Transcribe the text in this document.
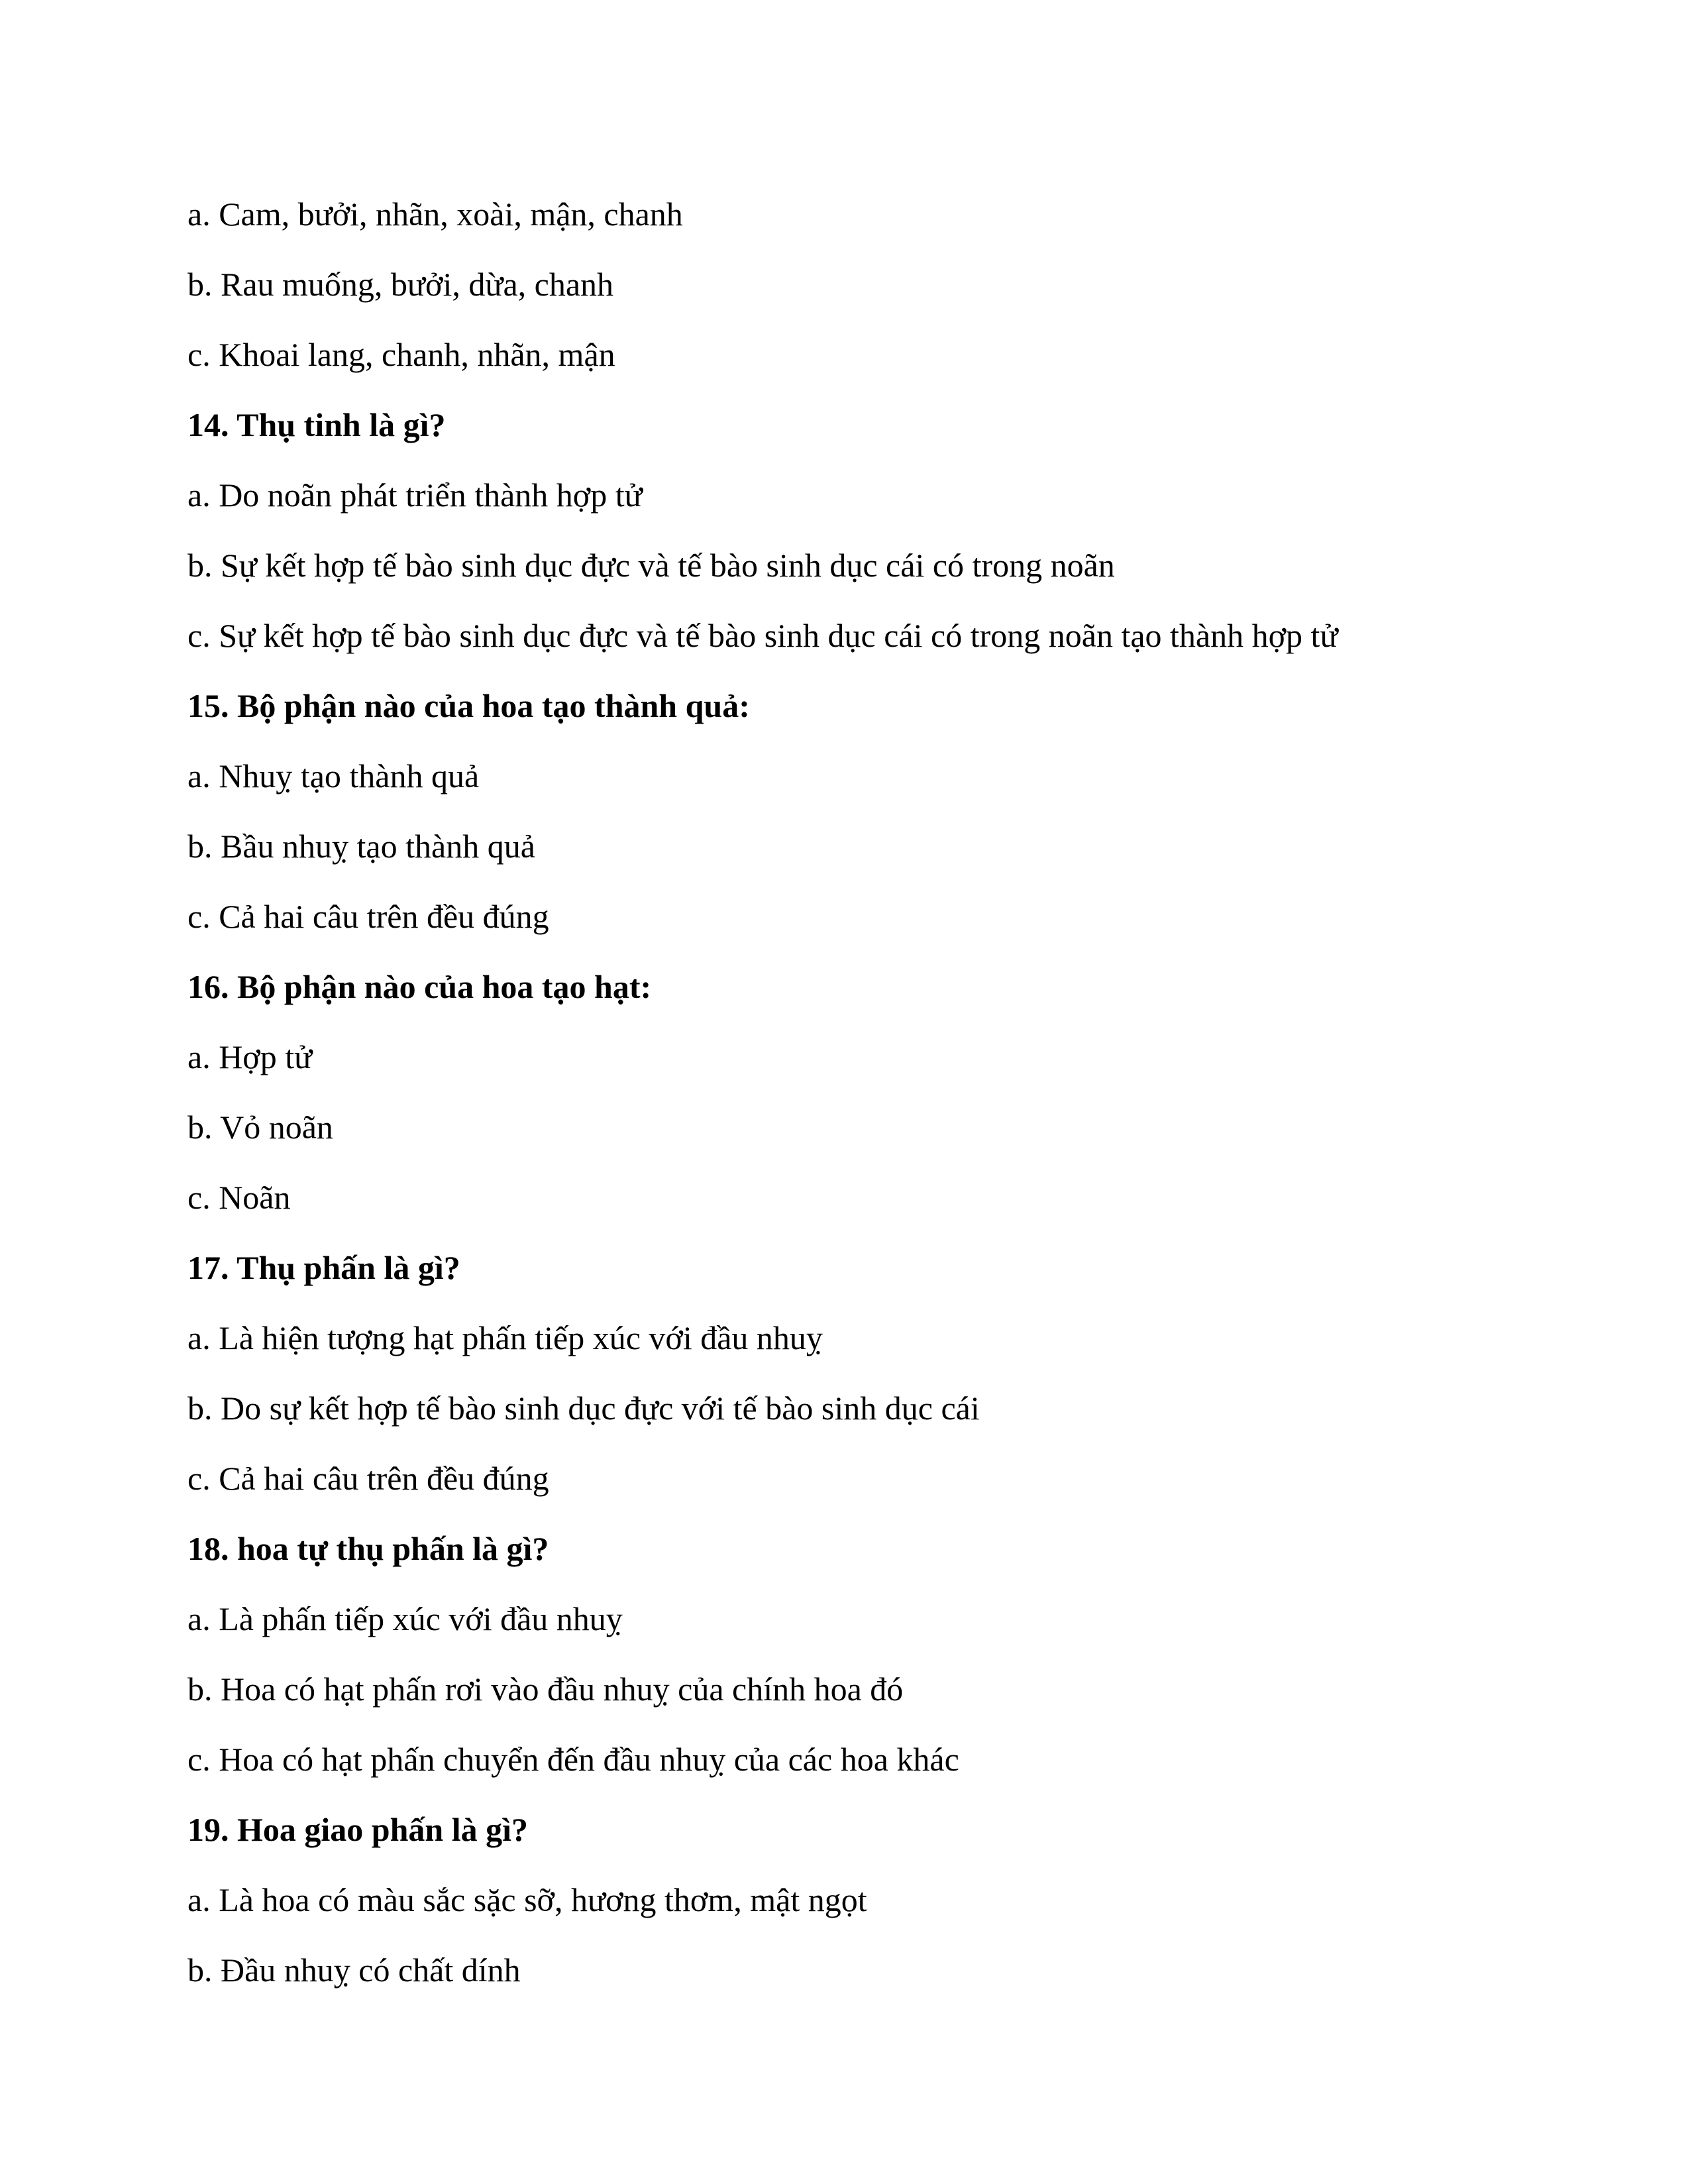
a. Cam, bưởi, nhãn, xoài, mận, chanh
b. Rau muống, bưởi, dừa, chanh
c. Khoai lang, chanh, nhãn, mận
14. Thụ tinh là gì?
a. Do noãn phát triển thành hợp tử
b. Sự kết hợp tế bào sinh dục đực và tế bào sinh dục cái có trong noãn
c. Sự kết hợp tế bào sinh dục đực và tế bào sinh dục cái có trong noãn tạo thành hợp tử
15. Bộ phận nào của hoa tạo thành quả:
a. Nhuỵ tạo thành quả
b. Bầu nhuỵ tạo thành quả
c. Cả hai câu trên đều đúng
16. Bộ phận nào của hoa tạo hạt:
a. Hợp tử
b. Vỏ noãn
c. Noãn
17. Thụ phấn là gì?
a. Là hiện tượng hạt phấn tiếp xúc với đầu nhuỵ
b. Do sự kết hợp tế bào sinh dục đực với tế bào sinh dục cái
c. Cả hai câu trên đều đúng
18. hoa tự thụ phấn là gì?
a. Là phấn tiếp xúc với đầu nhuỵ
b. Hoa có hạt phấn rơi vào đầu nhuỵ của chính hoa đó
c. Hoa có hạt phấn chuyển đến đầu nhuỵ của các hoa khác
19. Hoa giao phấn là gì?
a. Là hoa có màu sắc sặc sỡ, hương thơm, mật ngọt
b. Đầu nhuỵ có chất dính
